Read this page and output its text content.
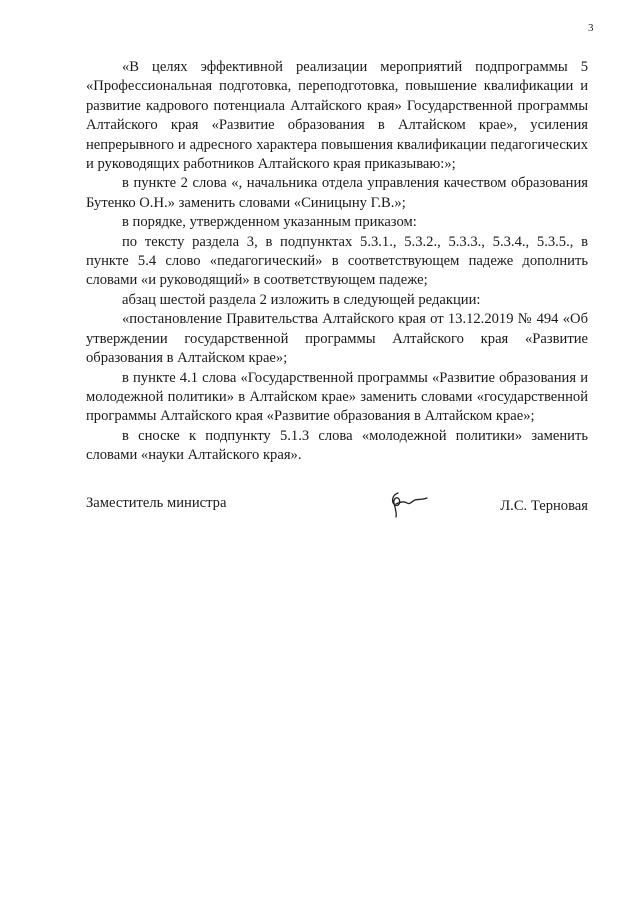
3

«В целях эффективной реализации мероприятий подпрограммы 5 «Профессиональная подготовка, переподготовка, повышение квалификации и развитие кадрового потенциала Алтайского края» Государственной программы Алтайского края «Развитие образования в Алтайском крае», усиления непрерывного и адресного характера повышения квалификации педагогических и руководящих работников Алтайского края приказываю:»;

в пункте 2 слова «, начальника отдела управления качеством образования Бутенко О.Н.» заменить словами «Синицыну Г.В.»;

в порядке, утвержденном указанным приказом:

по тексту раздела 3, в подпунктах 5.3.1., 5.3.2., 5.3.3., 5.3.4., 5.3.5., в пункте 5.4 слово «педагогический» в соответствующем падеже дополнить словами «и руководящий» в соответствующем падеже;

абзац шестой раздела 2 изложить в следующей редакции:

«постановление Правительства Алтайского края от 13.12.2019 № 494 «Об утверждении государственной программы Алтайского края «Развитие образования в Алтайском крае»;

в пункте 4.1 слова «Государственной программы «Развитие образования и молодежной политики» в Алтайском крае» заменить словами «государственной программы Алтайского края «Развитие образования в Алтайском крае»;

в сноске к подпункту 5.1.3 слова «молодежной политики» заменить словами «науки Алтайского края».

Заместитель министра	Л.С. Терновая
